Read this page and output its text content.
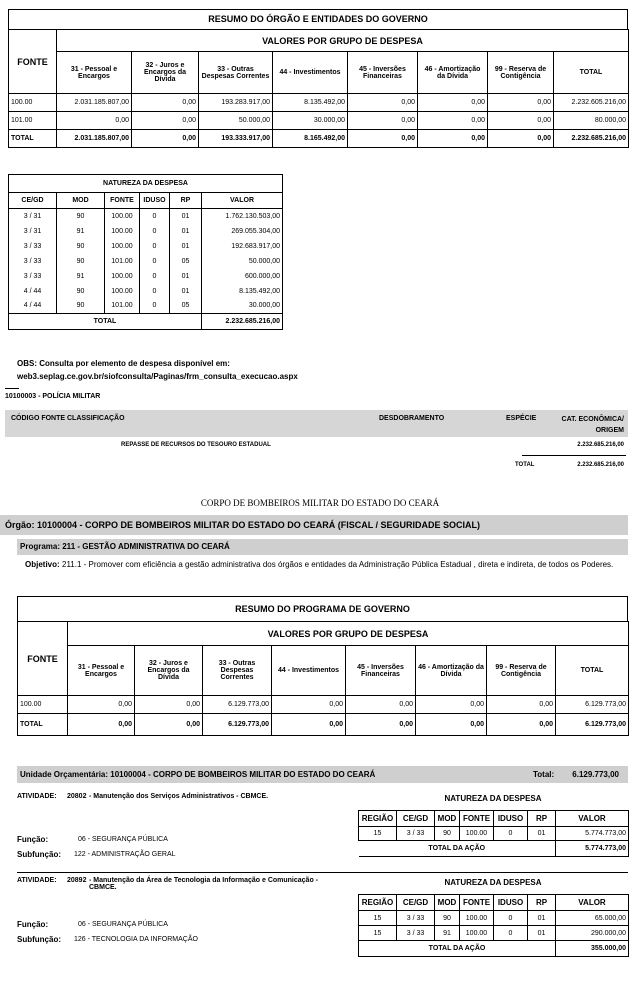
RESUMO DO ÓRGÃO E ENTIDADES DO GOVERNO
FONTE	VALORES POR GRUPO DE DESPESA							
	31 - Pessoal e Encargos	32 - Juros e Encargos da Dívida	33 - Outras Despesas Correntes	44 - Investimentos	45 - Inversões Financeiras	46 - Amortização da Dívida	99 - Reserva de Contigência	TOTAL
100.00	2.031.185.807,00	0,00	193.283.917,00	8.135.492,00	0,00	0,00	0,00	2.232.605.216,00
101.00	0,00	0,00	50.000,00	30.000,00	0,00	0,00	0,00	80.000,00
TOTAL	2.031.185.807,00	0,00	193.333.917,00	8.165.492,00	0,00	0,00	0,00	2.232.685.216,00
NATUREZA DA DESPESA					
CE/GD	MOD	FONTE	IDUSO	RP	VALOR
3 / 31	90	100.00	0	01	1.762.130.503,00
3 / 31	91	100.00	0	01	269.055.304,00
3 / 33	90	100.00	0	01	192.683.917,00
3 / 33	90	101.00	0	05	50.000,00
3 / 33	91	100.00	0	01	600.000,00
4 / 44	90	100.00	0	01	8.135.492,00
4 / 44	90	101.00	0	05	30.000,00
TOTAL					2.232.685.216,00
OBS: Consulta por elemento de despesa disponível em:
web3.seplag.ce.gov.br/siofconsulta/Paginas/frm_consulta_execucao.aspx
10100003 - POLÍCIA MILITAR
CÓDIGO FONTE CLASSIFICAÇÃO	DESDOBRAMENTO	ESPÉCIE	CAT. ECONÔMICA/ ORIGEM
REPASSE DE RECURSOS DO TESOURO ESTADUAL	2.232.685.216,00
TOTAL	2.232.685.216,00
CORPO DE BOMBEIROS MILITAR DO ESTADO DO CEARÁ
Órgão: 10100004 - CORPO DE BOMBEIROS MILITAR DO ESTADO DO CEARÁ (FISCAL / SEGURIDADE SOCIAL)
Programa: 211 - GESTÃO ADMINISTRATIVA DO CEARÁ
Objetivo: 211.1 - Promover com eficiência a gestão administrativa dos órgãos e entidades da Administração Pública Estadual , direta e indireta, de todos os Poderes.
RESUMO DO PROGRAMA DE GOVERNO
FONTE	VALORES POR GRUPO DE DESPESA							
	31 - Pessoal e Encargos	32 - Juros e Encargos da Dívida	33 - Outras Despesas Correntes	44 - Investimentos	45 - Inversões Financeiras	46 - Amortização da Dívida	99 - Reserva de Contigência	TOTAL
100.00	0,00	0,00	6.129.773,00	0,00	0,00	0,00	0,00	6.129.773,00
TOTAL	0,00	0,00	6.129.773,00	0,00	0,00	0,00	0,00	6.129.773,00
Unidade Orçamentária: 10100004 - CORPO DE BOMBEIROS MILITAR DO ESTADO DO CEARÁ	Total:	6.129.773,00
ATIVIDADE: 20802 - Manutenção dos Serviços Administrativos - CBMCE.
Função:	06 - SEGURANÇA PÚBLICA
Subfunção: 122 - ADMINISTRAÇÃO GERAL
NATUREZA DA DESPESA
REGIÃO	CE/GD	MOD	FONTE	IDUSO	RP	VALOR
15	3 / 33	90	100.00	0	01	5.774.773,00
TOTAL DA AÇÃO						5.774.773,00
ATIVIDADE: 20892 - Manutenção da Área de Tecnologia da Informação e Comunicação -
CBMCE.
Função:	06 - SEGURANÇA PÚBLICA
Subfunção: 126 - TECNOLOGIA DA INFORMAÇÃO
NATUREZA DA DESPESA
REGIÃO	CE/GD	MOD	FONTE	IDUSO	RP	VALOR
15	3 / 33	90	100.00	0	01	65.000,00
15	3 / 33	91	100.00	0	01	290.000,00
TOTAL DA AÇÃO						355.000,00
